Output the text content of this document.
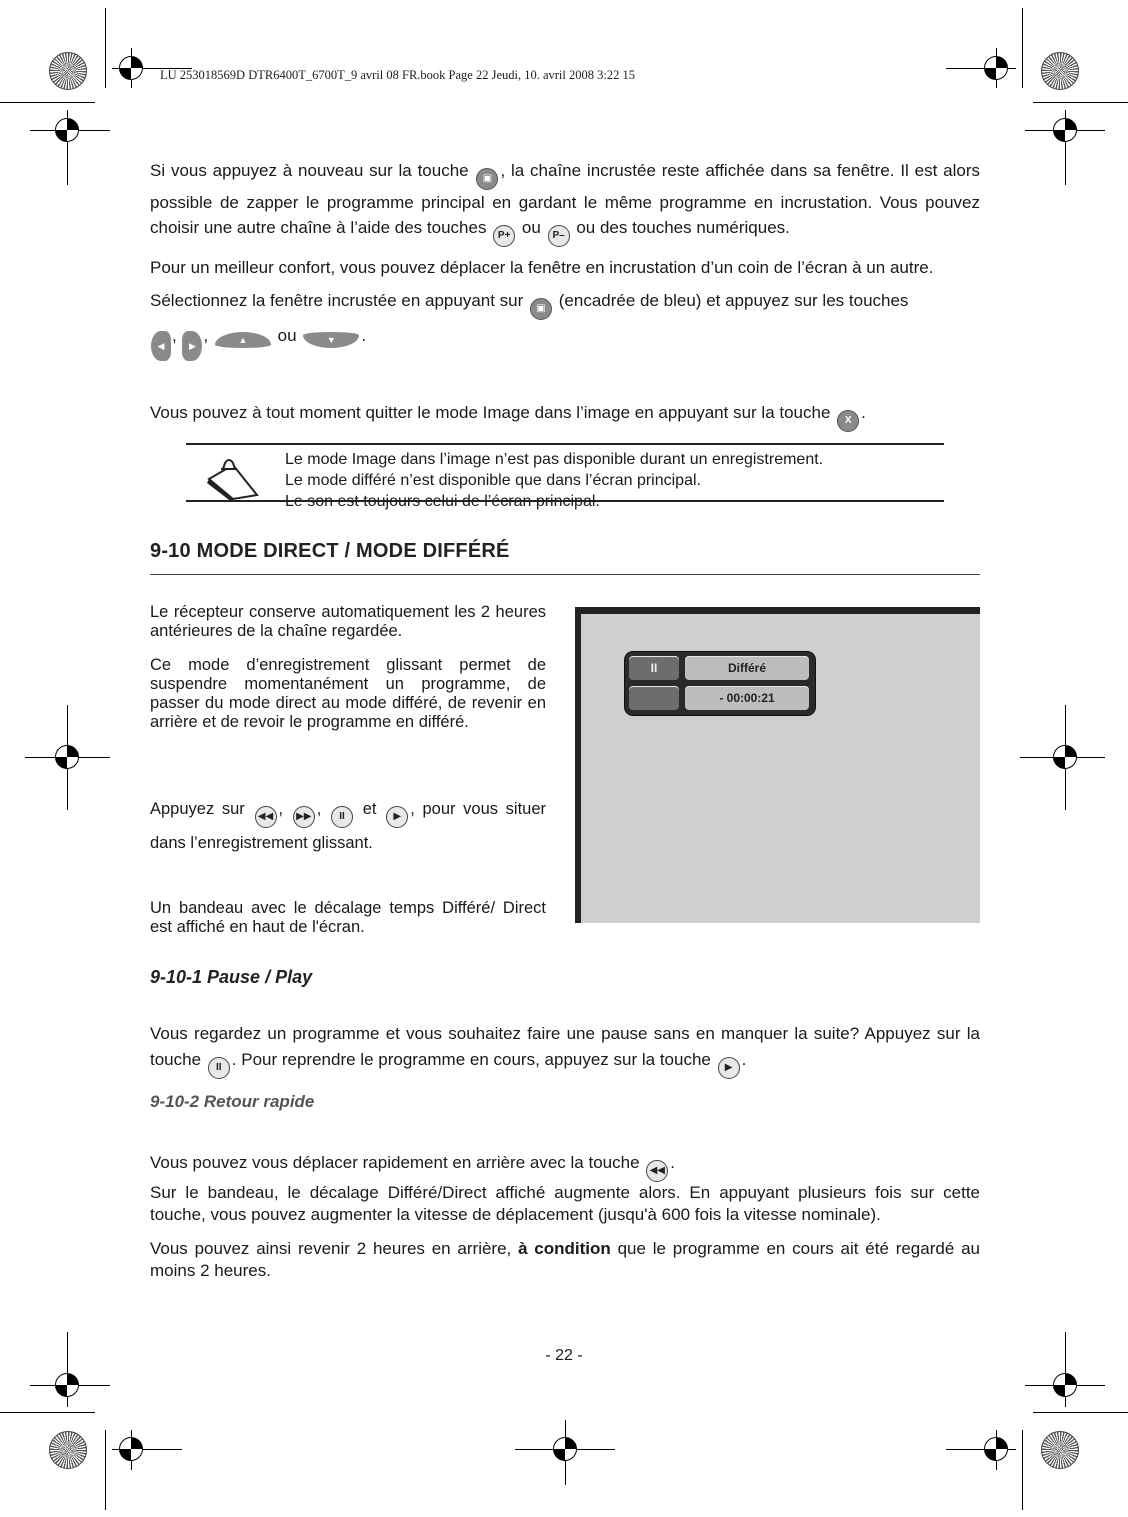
LU 253018569D DTR6400T_6700T_9 avril 08 FR.book Page 22 Jeudi, 10. avril 2008 3:22 15

Si vous appuyez à nouveau sur la touche ▣ , la chaîne incrustée reste affichée dans sa fenêtre. Il est alors possible de zapper le programme principal en gardant le même programme en incrustation. Vous pouvez choisir une autre chaîne à l’aide des touches P+ ou P– ou des touches numériques.

Pour un meilleur confort, vous pouvez déplacer la fenêtre en incrustation d’un coin de l’écran à un autre.

Sélectionnez la fenêtre incrustée en appuyant sur ▣ (encadrée de bleu) et appuyez sur les touches

◀, ▶,	▲ ou	▼ .

Vous pouvez à tout moment quitter le mode Image dans l’image en appuyant sur la touche X .

Le mode Image dans l’image n’est pas disponible durant un enregistrement.
Le mode différé n’est disponible que dans l’écran principal.
Le son est toujours celui de l’écran principal.
9-10 MODE DIRECT / MODE DIFFÉRÉ

Le récepteur conserve automatiquement les 2 heures antérieures de la chaîne regardée.

Ce mode d’enregistrement glissant permet de suspendre momentanément un programme, de passer du mode direct au mode différé, de revenir en arrière et de revoir le programme en différé.

Appuyez sur ◀◀ , ▶▶ , II et ▶ , pour vous situer dans l’enregistrement glissant.

Un bandeau avec le décalage temps Différé/ Direct est affiché en haut de l'écran.

II	Différé
- 00:00:21
9-10-1 Pause / Play

Vous regardez un programme et vous souhaitez faire une pause sans en manquer la suite? Appuyez sur la touche II . Pour reprendre le programme en cours, appuyez sur la touche ▶ .

9-10-2 Retour rapide

Vous pouvez vous déplacer rapidement en arrière avec la touche ◀◀ .

Sur le bandeau, le décalage Différé/Direct affiché augmente alors. En appuyant plusieurs fois sur cette touche, vous pouvez augmenter la vitesse de déplacement (jusqu'à 600 fois la vitesse nominale).

Vous pouvez ainsi revenir 2 heures en arrière, à condition que le programme en cours ait été regardé au moins 2 heures.

- 22 -
